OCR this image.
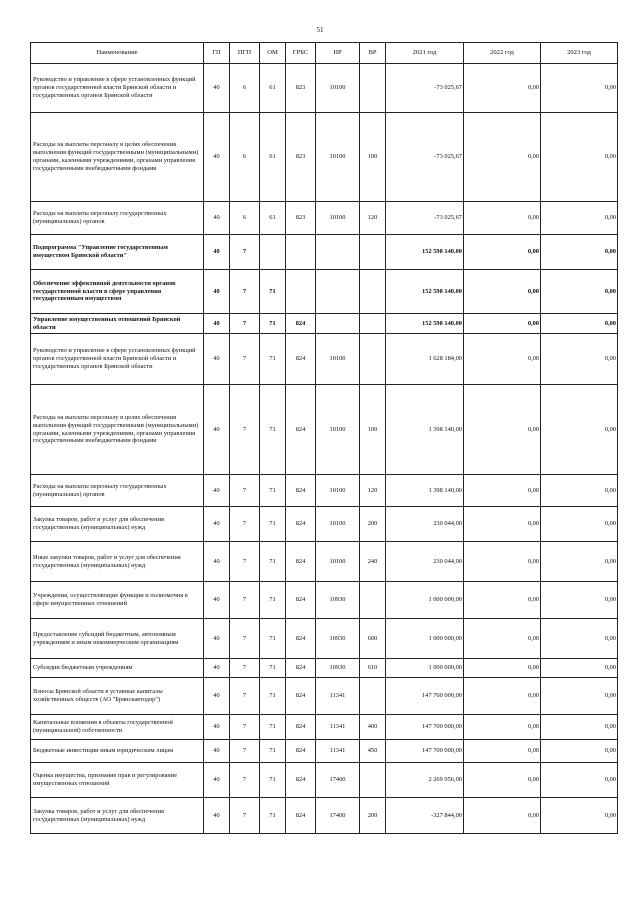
51
Наименование	ГП	ПГП	ОМ	ГРБС	НР	ВР	2021 год	2022 год	2023 год
Руководство и управление в сфере установленных функций органов государственной власти Брянской области и государственных органов Брянской области	40	6	61	823	10100		-73 025,67	0,00	0,00
Расходы на выплаты персоналу в целях обеспечения выполнения функций государственными (муниципальными) органами, казенными учреждениями, органами управления государственными внебюджетными фондами	40	6	61	823	10100	100	-73 025,67	0,00	0,00
Расходы на выплаты персоналу государственных (муниципальных) органов	40	6	61	823	10100	120	-73 025,67	0,00	0,00
Подпрограмма "Управление государственным имуществом Брянской области"	40	7					152 598 140,00	0,00	0,00
Обеспечение эффективной деятельности органов государственной власти в сфере управления государственным имуществом	40	7	71				152 598 140,00	0,00	0,00
Управление имущественных отношений Брянской области	40	7	71	824			152 598 140,00	0,00	0,00
Руководство и управление в сфере установленных функций органов государственной власти Брянской области и государственных органов Брянской области	40	7	71	824	10100		1 628 184,00	0,00	0,00
Расходы на выплаты персоналу в целях обеспечения выполнения функций государственными (муниципальными) органами, казенными учреждениями, органами управления государственными внебюджетными фондами	40	7	71	824	10100	100	1 398 140,00	0,00	0,00
Расходы на выплаты персоналу государственных (муниципальных) органов	40	7	71	824	10100	120	1 398 140,00	0,00	0,00
Закупка товаров, работ и услуг для обеспечения государственных (муниципальных) нужд	40	7	71	824	10100	200	230 044,00	0,00	0,00
Иные закупки товаров, работ и услуг для обеспечения государственных (муниципальных) нужд	40	7	71	824	10100	240	230 044,00	0,00	0,00
Учреждения, осуществляющие функции и полномочия в сфере имущественных отношений	40	7	71	824	10930		1 000 000,00	0,00	0,00
Предоставление субсидий бюджетным, автономным учреждениям и иным некоммерческим организациям	40	7	71	824	10930	600	1 000 000,00	0,00	0,00
Субсидии бюджетным учреждениям	40	7	71	824	10930	610	1 000 000,00	0,00	0,00
Взносы Брянской области в уставные капиталы хозяйственных обществ (АО "Брянскавтодор")	40	7	71	824	11341		147 700 000,00	0,00	0,00
Капитальные вложения в объекты государственной (муниципальной) собственности	40	7	71	824	11341	400	147 700 000,00	0,00	0,00
Бюджетные инвестиции иным юридическим лицам	40	7	71	824	11341	450	147 700 000,00	0,00	0,00
Оценка имущества, признание прав и регулирование имущественных отношений	40	7	71	824	17400		2 269 956,00	0,00	0,00
Закупка товаров, работ и услуг для обеспечения государственных (муниципальных) нужд	40	7	71	824	17400	200	-327 844,00	0,00	0,00
